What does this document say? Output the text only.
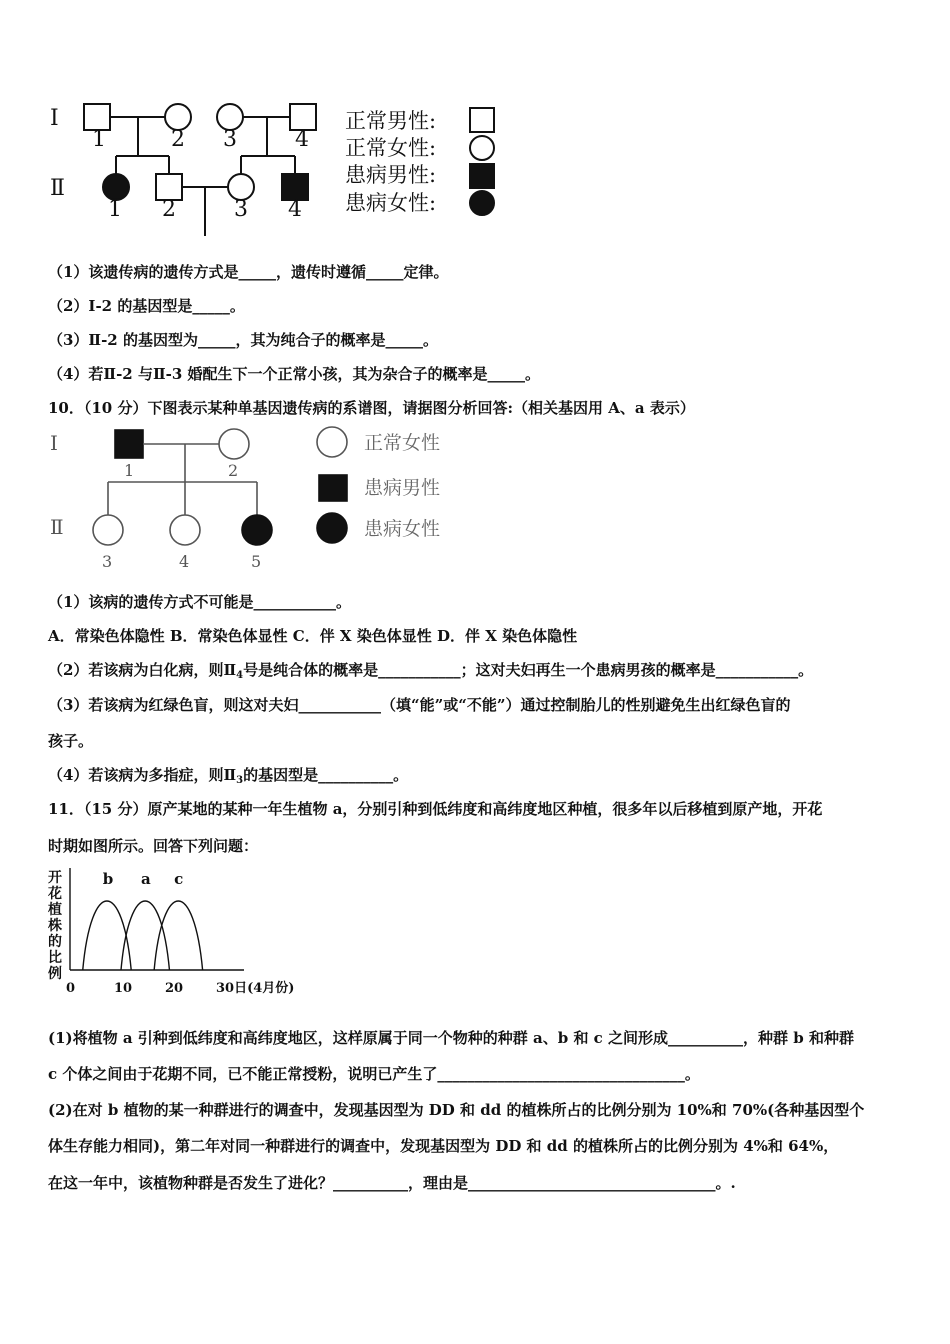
Ⅰ
Ⅱ
1	2 3	4
1 2	3 4
正常男性:
正常女性:
患病男性:
患病女性:
（1）该遗传病的遗传方式是_____，遗传时遵循_____定律。
（2）Ⅰ-2 的基因型是_____。
（3）Ⅱ-2 的基因型为_____，其为纯合子的概率是_____。
（4）若Ⅱ-2 与Ⅱ-3 婚配生下一个正常小孩，其为杂合子的概率是_____。
10．（10 分）下图表示某种单基因遗传病的系谱图，请据图分析回答:（相关基因用 A、a 表示）
Ⅰ
Ⅱ
1	2
3	4	5
正常女性
患病男性
患病女性
（1）该病的遗传方式不可能是___________。
A．常染色体隐性 B．常染色体显性 C．伴 X 染色体显性 D．伴 X 染色体隐性
（2）若该病为白化病，则$Ⅱ_4$号是纯合体的概率是___________；这对夫妇再生一个患病男孩的概率是___________。
（3）若该病为红绿色盲，则这对夫妇___________（填“能”或“不能”）通过控制胎儿的性别避免生出红绿色盲的
孩子。
（4）若该病为多指症，则$Ⅱ_3$的基因型是__________。
11．（15 分）原产某地的某种一年生植物 a，分别引种到低纬度和高纬度地区种植，很多年以后移植到原产地，开花
时期如图所示。回答下列问题：
开
花
植
株
的
比
例
0	10	20	30日(4月份)
b a c
(1)将植物 a 引种到低纬度和高纬度地区，这样原属于同一个物种的种群 a、b 和 c 之间形成__________，种群 b 和种群
c 个体之间由于花期不同，已不能正常授粉，说明已产生了_________________________________。
(2)在对 b 植物的某一种群进行的调查中，发现基因型为 DD 和 dd 的植株所占的比例分别为 10%和 70%(各种基因型个
体生存能力相同)，第二年对同一种群进行的调查中，发现基因型为 DD 和 dd 的植株所占的比例分别为 4%和 64%，
在这一年中，该植物种群是否发生了进化？__________，理由是_________________________________。.
